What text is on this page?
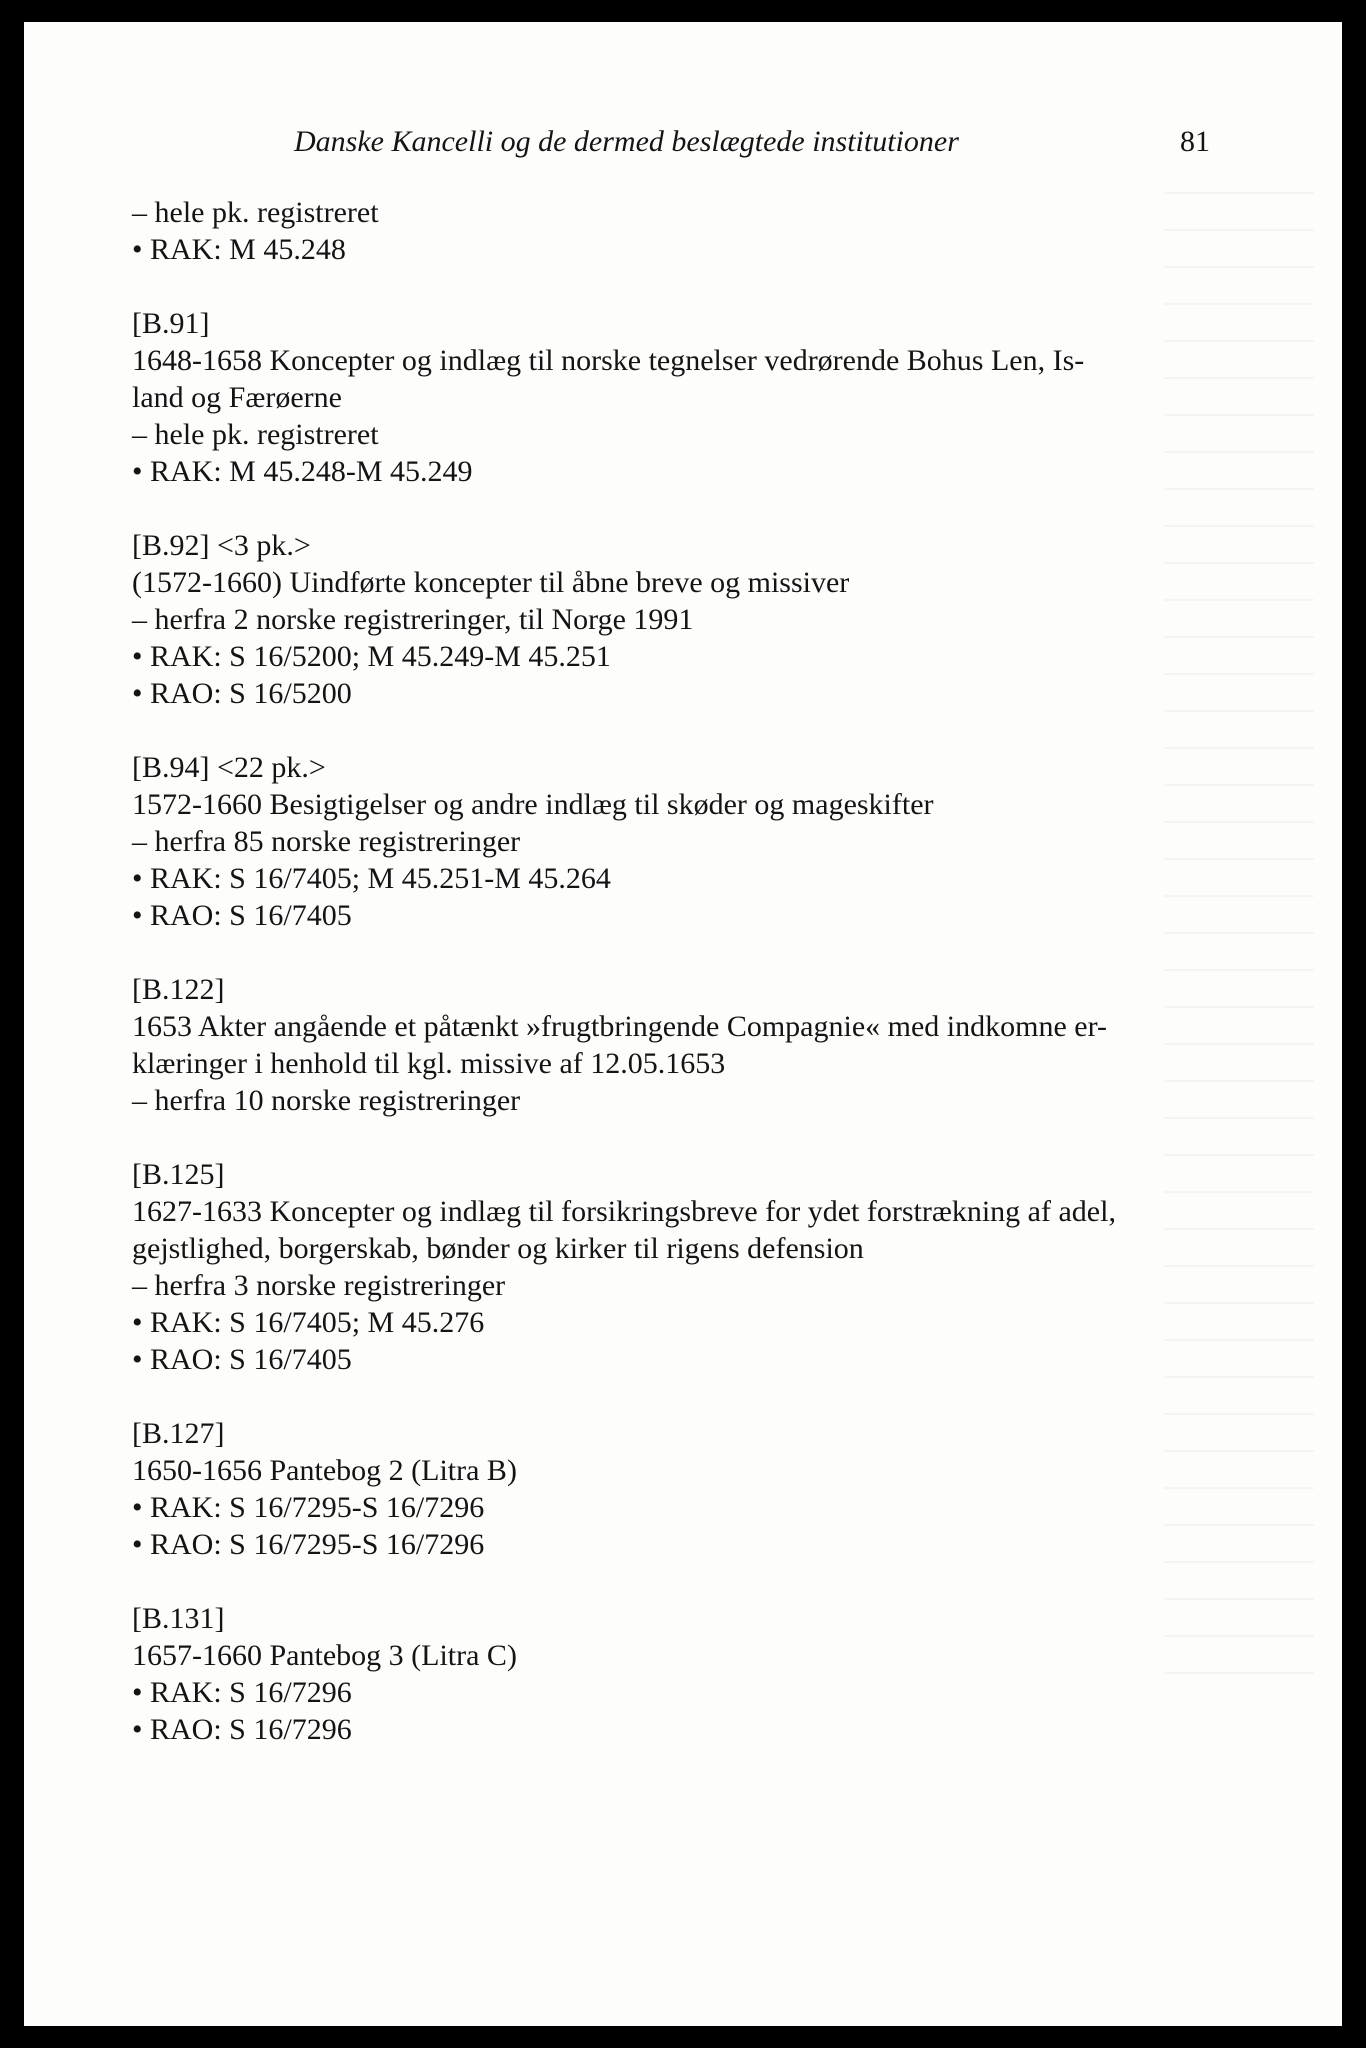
Danske Kancelli og de dermed beslægtede institutioner	81
– hele pk. registreret
• RAK: M 45.248
[B.91]
1648-1658 Koncepter og indlæg til norske tegnelser vedrørende Bohus Len, Is-
land og Færøerne
– hele pk. registreret
• RAK: M 45.248-M 45.249
[B.92] <3 pk.>
(1572-1660) Uindførte koncepter til åbne breve og missiver
– herfra 2 norske registreringer, til Norge 1991
• RAK: S 16/5200; M 45.249-M 45.251
• RAO: S 16/5200
[B.94] <22 pk.>
1572-1660 Besigtigelser og andre indlæg til skøder og mageskifter
– herfra 85 norske registreringer
• RAK: S 16/7405; M 45.251-M 45.264
• RAO: S 16/7405
[B.122]
1653 Akter angående et påtænkt »frugtbringende Compagnie« med indkomne er-
klæringer i henhold til kgl. missive af 12.05.1653
– herfra 10 norske registreringer
[B.125]
1627-1633 Koncepter og indlæg til forsikringsbreve for ydet forstrækning af adel,
gejstlighed, borgerskab, bønder og kirker til rigens defension
– herfra 3 norske registreringer
• RAK: S 16/7405; M 45.276
• RAO: S 16/7405
[B.127]
1650-1656 Pantebog 2 (Litra B)
• RAK: S 16/7295-S 16/7296
• RAO: S 16/7295-S 16/7296
[B.131]
1657-1660 Pantebog 3 (Litra C)
• RAK: S 16/7296
• RAO: S 16/7296
